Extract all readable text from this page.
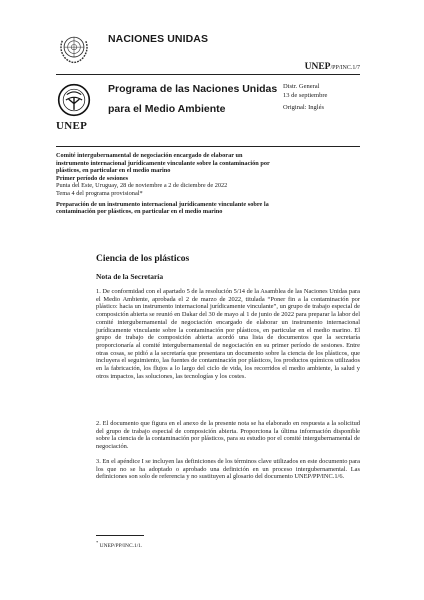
NACIONES UNIDAS
UNEP/PP/INC.1/7
UNEP
Programa de las Naciones Unidas
para el Medio Ambiente
Distr. General
13 de septiembre
Original: Inglés

Comité intergubernamental de negociación encargado de elaborar un instrumento internacional jurídicamente vinculante sobre la contaminación por plásticos, en particular en el medio marino

Primer período de sesiones

Punta del Este, Uruguay, 28 de noviembre a 2 de diciembre de 2022

Tema 4 del programa provisional*

Preparación de un instrumento internacional jurídicamente vinculante sobre la contaminación por plásticos, en particular en el medio marino

Ciencia de los plásticos
Nota de la Secretaría
1. De conformidad con el apartado 5 de la resolución 5/14 de la Asamblea de las Naciones Unidas para el Medio Ambiente, aprobada el 2 de marzo de 2022, titulada “Poner fin a la contaminación por plástico: hacia un instrumento internacional jurídicamente vinculante”, un grupo de trabajo especial de composición abierta se reunió en Dakar del 30 de mayo al 1 de junio de 2022 para preparar la labor del comité intergubernamental de negociación encargado de elaborar un instrumento internacional jurídicamente vinculante sobre la contaminación por plásticos, en particular en el medio marino. El grupo de trabajo de composición abierta acordó una lista de documentos que la secretaría proporcionaría al comité intergubernamental de negociación en su primer período de sesiones. Entre otras cosas, se pidió a la secretaría que presentara un documento sobre la ciencia de los plásticos, que incluyera el seguimiento, las fuentes de contaminación por plásticos, los productos químicos utilizados en la fabricación, los flujos a lo largo del ciclo de vida, los recorridos el medio ambiente, la salud y otros impactos, las soluciones, las tecnologías y los costes.
2. El documento que figura en el anexo de la presente nota se ha elaborado en respuesta a la solicitud del grupo de trabajo especial de composición abierta. Proporciona la última información disponible sobre la ciencia de la contaminación por plásticos, para su estudio por el comité intergubernamental de negociación.
3. En el apéndice I se incluyen las definiciones de los términos clave utilizados en este documento para los que no se ha adoptado o aprobado una definición en un proceso intergubernamental. Las definiciones son solo de referencia y no sustituyen al glosario del documento UNEP/PP/INC.1/6.
* UNEP/PP/INC.1/1.
